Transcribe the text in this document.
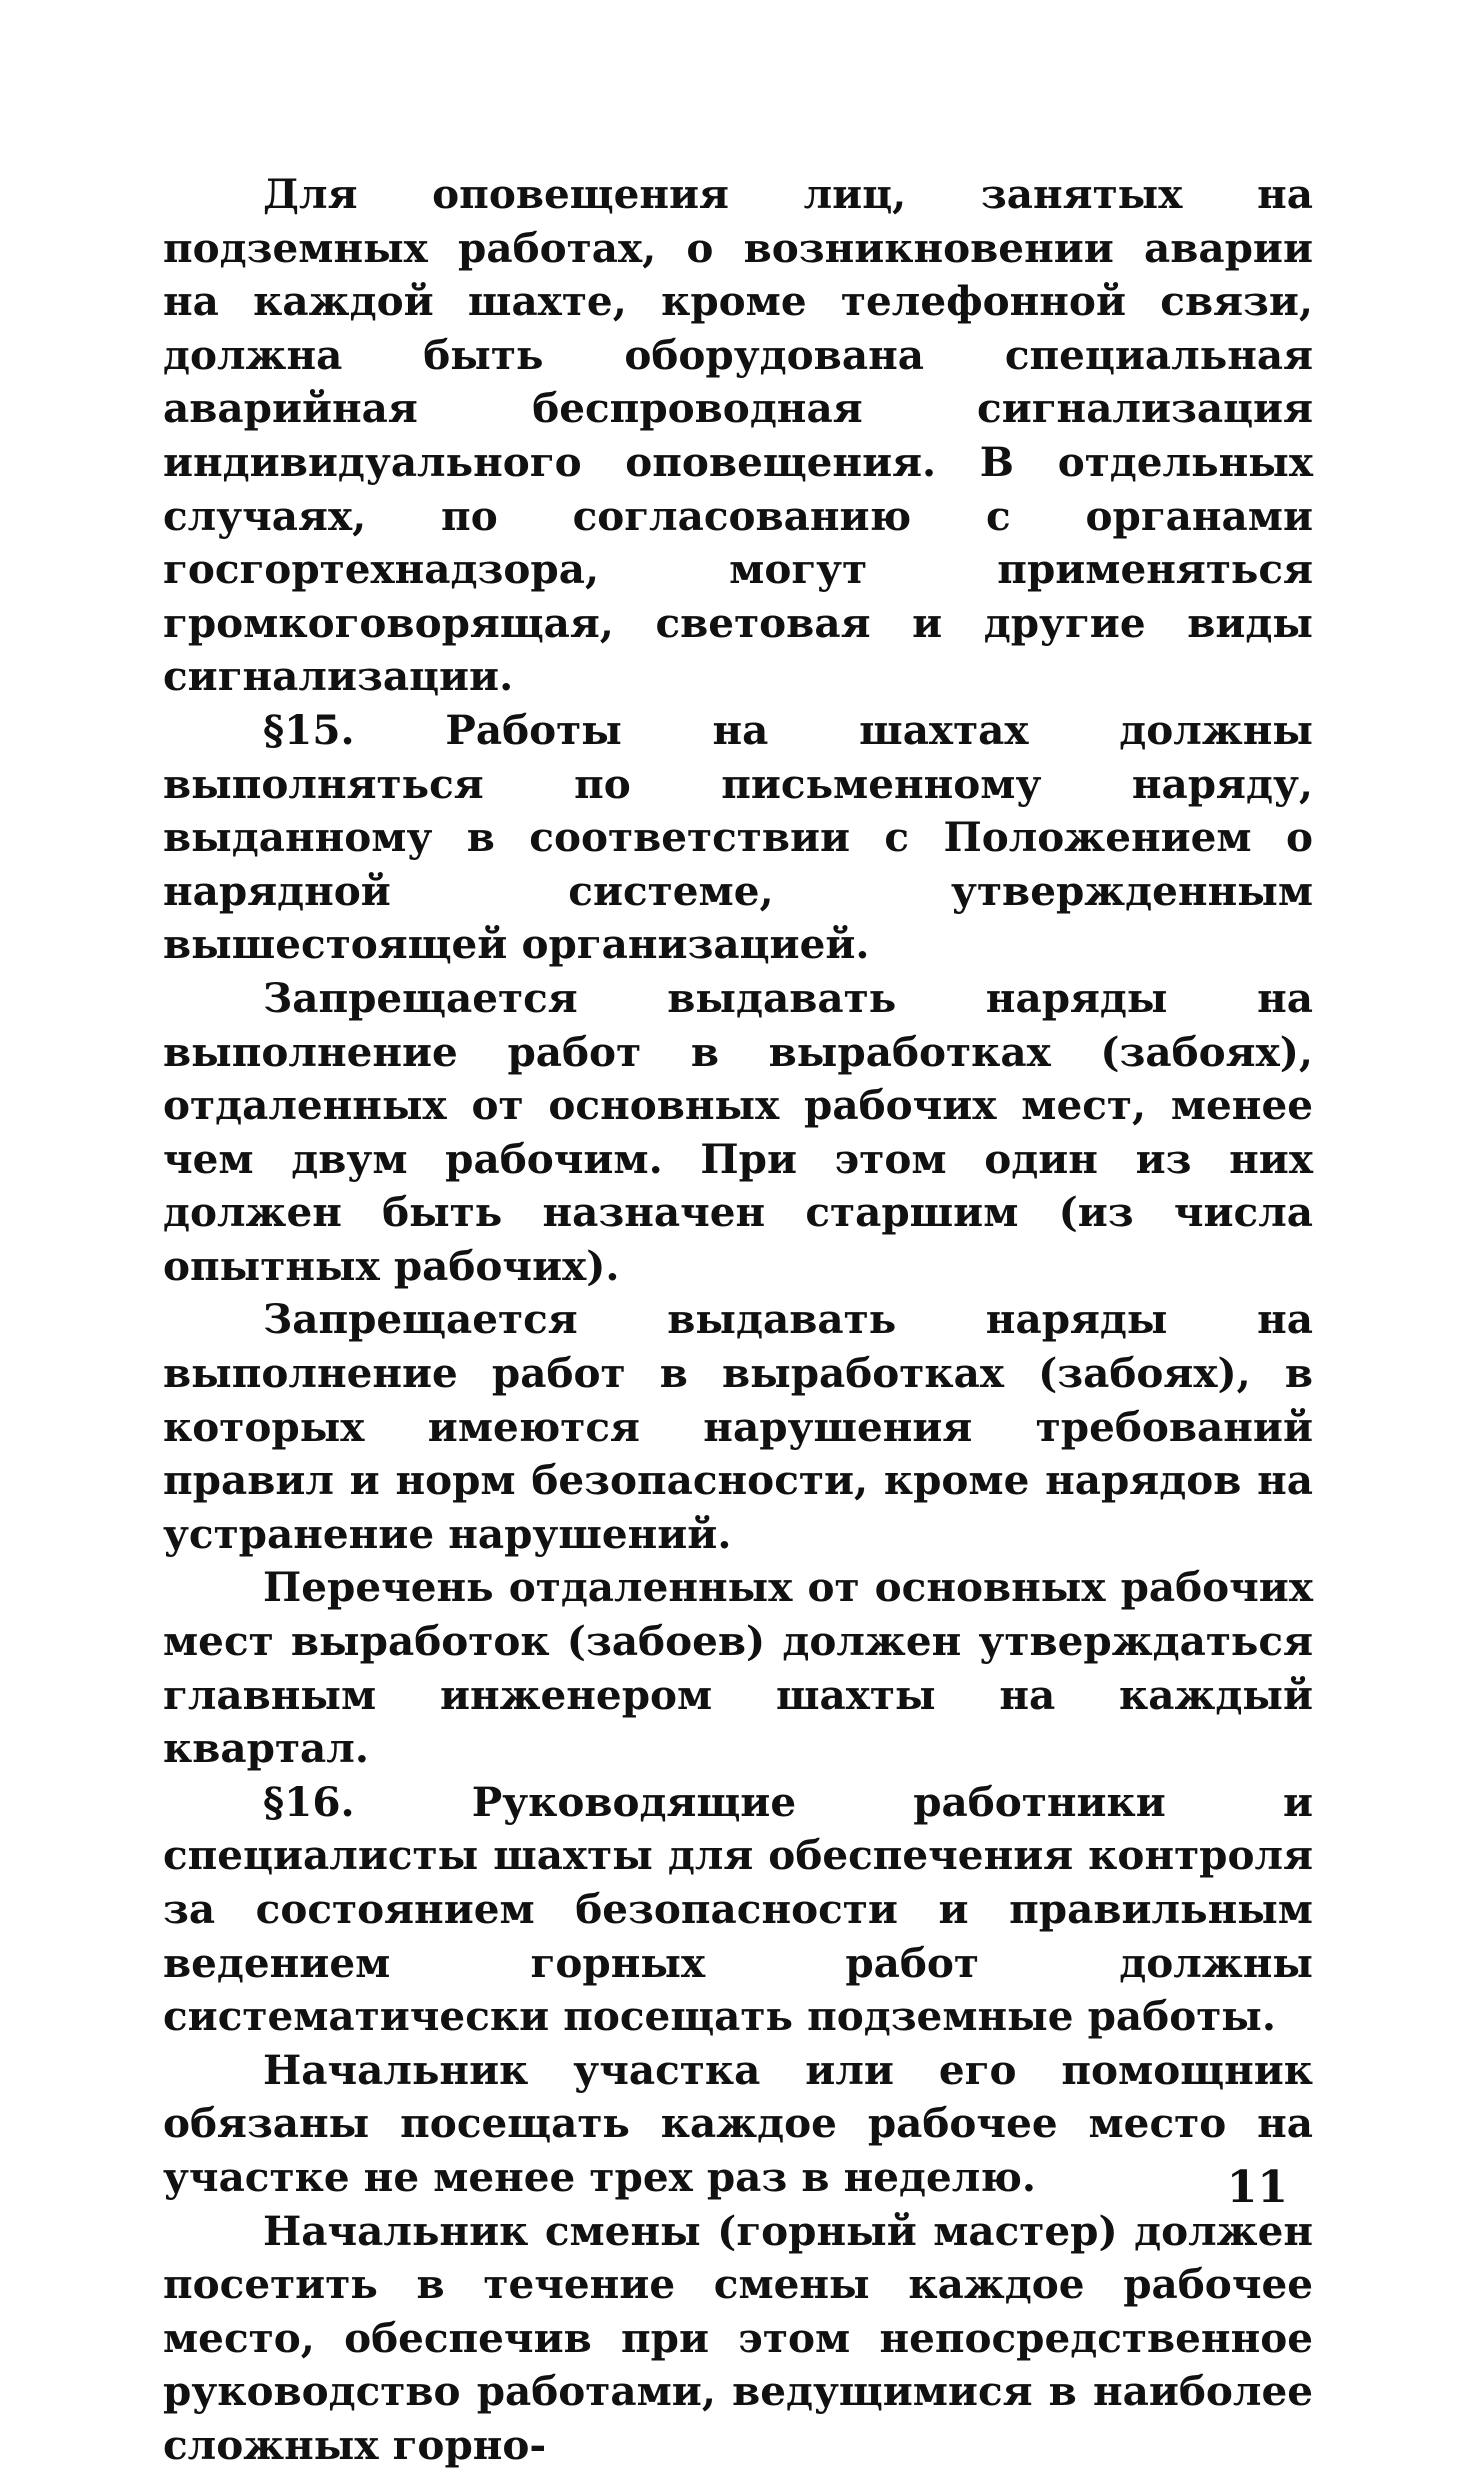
Для оповещения лиц, занятых на подземных работах, о возникновении аварии на каждой шахте, кроме телефонной связи, должна быть оборудована специальная аварийная беспроводная сигнализация индивидуального оповещения. В отдельных случаях, по согласованию с органами госгортехнадзора, могут применяться громкоговорящая, световая и другие виды сигнализации.

§15. Работы на шахтах должны выполняться по письменному наряду, выданному в соответствии с Положением о нарядной системе, утвержденным вышестоящей организацией.

Запрещается выдавать наряды на выполнение работ в выработках (забоях), отдаленных от основных рабочих мест, менее чем двум рабочим. При этом один из них должен быть назначен старшим (из числа опытных рабочих).

Запрещается выдавать наряды на выполнение работ в выработках (забоях), в которых имеются нарушения требований правил и норм безопасности, кроме нарядов на устранение нарушений.

Перечень отдаленных от основных рабочих мест выработок (забоев) должен утверждаться главным инженером шахты на каждый квартал.

§16. Руководящие работники и специалисты шахты для обеспечения контроля за состоянием безопасности и правильным ведением горных работ должны систематически посещать подземные работы.

Начальник участка или его помощник обязаны посещать каждое рабочее место на участке не менее трех раз в неделю.

Начальник смены (горный мастер) должен посетить в течение смены каждое рабочее место, обеспечив при этом непосредственное руководство работами, ведущимися в наиболее сложных горно-

11
